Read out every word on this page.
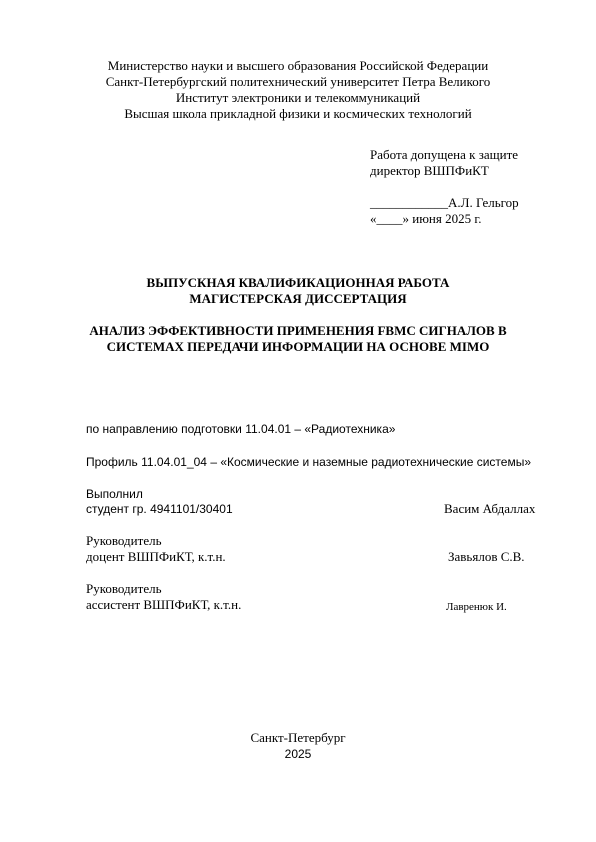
Министерство науки и высшего образования Российской Федерации
Санкт-Петербургский политехнический университет Петра Великого
Институт электроники и телекоммуникаций
Высшая школа прикладной физики и космических технологий
Работа допущена к защите
директор ВШПФиКТ
____________А.Л. Гельгор
«____» июня 2025 г.
ВЫПУСКНАЯ КВАЛИФИКАЦИОННАЯ РАБОТА
МАГИСТЕРСКАЯ ДИССЕРТАЦИЯ
АНАЛИЗ ЭФФЕКТИВНОСТИ ПРИМЕНЕНИЯ FBMC СИГНАЛОВ В
СИСТЕМАХ ПЕРЕДАЧИ ИНФОРМАЦИИ НА ОСНОВЕ MIMO
по направлению подготовки 11.04.01 – «Радиотехника»
Профиль 11.04.01_04 – «Космические и наземные радиотехнические системы»
Выполнил
студент гр. 4941101/30401	Васим Абдаллах
Руководитель
доцент ВШПФиКТ, к.т.н.	Завьялов С.В.
Руководитель
ассистент ВШПФиКТ, к.т.н.	Лавренюк И.
Санкт-Петербург
2025
